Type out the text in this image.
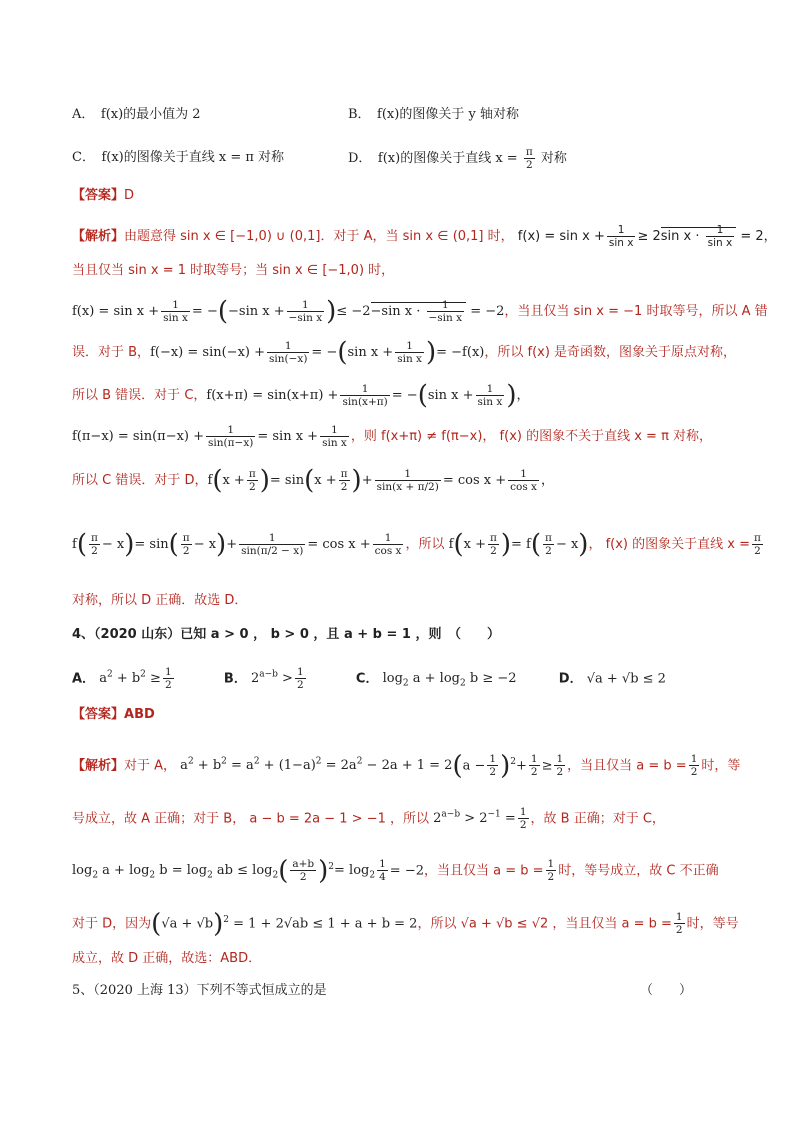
A．　f(x)的最小值为 2	B．　f(x)的图像关于 y 轴对称
C．　f(x)的图像关于直线 x = π 对称	D．　f(x)的图像关于直线 $x = \frac{\pi}{2}$ 对称
【答案】D
【解析】由题意得 sin x ∈ [−1,0) ∪ (0,1]．对于 A，当 sin x ∈ (0,1] 时， $f(x) = \sin x + \frac{1}{\text{sin x}} \ge 2\sin$ $x \cdot \frac{1}{\text{sin x}} = 2$，
当且仅当 sin x = 1 时取等号；当 sin x ∈ [−1,0) 时，
$f(x) = \sin x + \frac{1}{\text{sin x}} = -(-\sin$ $x + \frac{1}{\text{−sin x}}$ )≤ −2−sin $x \cdot \frac{1}{\text{−sin x}} = -2$，当且仅当 sin x = −1 时取等号，所以 A 错
误．对于 B，$f(-x) = \sin(-x) + \frac{1}{\sin(-x)} = -(\sin$ $x + \frac{1}{\text{sin x}}$ )= −f(x)，所以 f(x) 是奇函数，图象关于原点对称，
所以 B 错误．对于 C，$f(x+\pi) = \sin(x+\pi) + \frac{1}{\sin(x+\pi)} = -(\sin$ $x + \frac{1}{\text{sin x}}$ )，
$f(\pi-x) = \sin(\pi-x) + \frac{1}{\sin(\pi-x)} = \sin x + \frac{1}{\text{sin x}}$ ，则 f(x+π) ≠ f(π−x)， f(x) 的图象不关于直线 x = π 对称，
所以 C 错误．对于 D，$f(x + \frac{\pi}{2}$ )= $\sin(x + \frac{\pi}{2}$ )+ $\frac{1}{\sin(x + \pi/2)} = \cos x + \frac{1}{\text{cos x}}$ ，
$f( \frac{\pi}{2} - x)= \sin( \frac{\pi}{2} - x)+ \frac{1}{\sin(\pi/2 - x)} = \cos x + \frac{1}{\text{cos x}}$ ，所以 $f(x + \frac{\pi}{2}$ )= $f( \frac{\pi}{2} - x)$， f(x) 的图象关于直线 $x = \frac{\pi}{2}$
对称，所以 D 正确．故选 D．
4、（2020 山东）已知 a > 0 ， b > 0 ，且 a + b = 1 ，则　（　　）
A． $a^2 + b^2 \ge \frac{1}{2}$	B． $2^{a-b} > \frac{1}{2}$	C． $\log_2 a + \log_2 b \ge -2$	D． √a + √b ≤ 2
【答案】ABD
【解析】对于 A， $a^2 + b^2 = a^2 + (1-a)^2 = 2a^2 - 2a + 1 = 2(a - \frac{1}{2} )^2+ \frac{1}{2} \ge \frac{1}{2}$ ，当且仅当 $a = b = \frac{1}{2}$ 时，等
号成立，故 A 正确；对于 B， a − b = 2a − 1 > −1 ，所以 $2^{a-b} > 2^{-1} = \frac{1}{2}$ ，故 B 正确；对于 C，
$\log_2 a + \log_2 b = \log_2$ ab ≤ $\log_2( \frac{a+b}{2} )^2= \log_2 \frac{1}{4} = -2$，当且仅当 $a = b = \frac{1}{2}$ 时，等号成立，故 C 不正确
对于 D，因为$(√a + √b)^2 = 1 + 2√ab \le 1 + a + b = 2$，所以 √a + √b ≤ √2 ，当且仅当 $a = b = \frac{1}{2}$ 时，等号
成立，故 D 正确，故选：ABD．
5、（2020 上海 13）下列不等式恒成立的是	（　　）
